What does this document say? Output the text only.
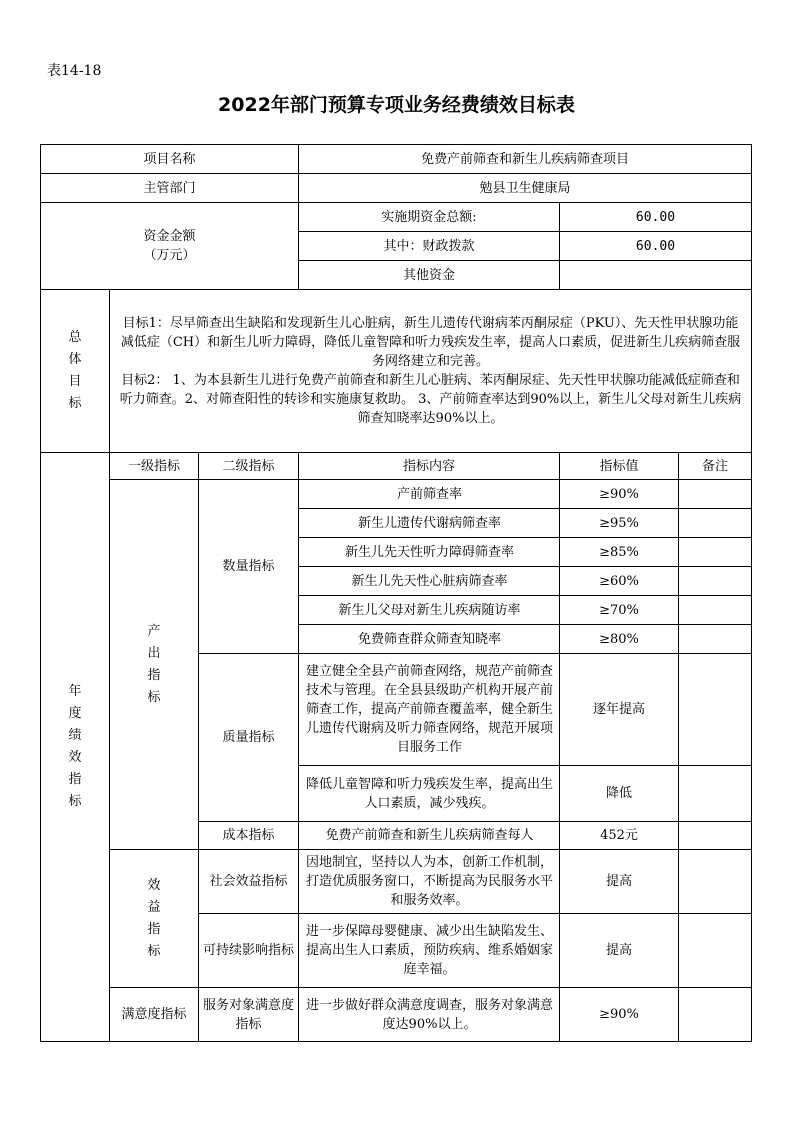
表14-18
2022年部门预算专项业务经费绩效目标表
项目名称			免费产前筛查和新生儿疾病筛查项目		
主管部门			勉县卫生健康局		

资金金额
（万元）			实施期资金总额:	60.00	
			其中：财政拨款	60.00	
			其他资金		

总体目标	目标1：尽早筛查出生缺陷和发现新生儿心脏病，新生儿遗传代谢病苯丙酮尿症（PKU）、先天性甲状腺功能减低症（CH）和新生儿听力障碍，降低儿童智障和听力残疾发生率，提高人口素质，促进新生儿疾病筛查服务网络建立和完善。

目标2： 1、为本县新生儿进行免费产前筛查和新生儿心脏病、苯丙酮尿症、先天性甲状腺功能减低症筛查和听力筛查。2、对筛查阳性的转诊和实施康复救助。 3、产前筛查率达到90%以上，新生儿父母对新生儿疾病筛查知晓率达90%以上。				

年度绩效指标	一级指标	二级指标	指标内容	指标值	备注

	产出指标	数量指标	产前筛查率	≥90%	
			新生儿遗传代谢病筛查率	≥95%	
			新生儿先天性听力障碍筛查率	≥85%	
			新生儿先天性心脏病筛查率	≥60%	
			新生儿父母对新生儿疾病随访率	≥70%	
			免费筛查群众筛查知晓率	≥80%	
		质量指标	建立健全全县产前筛查网络，规范产前筛查技术与管理。在全县县级助产机构开展产前筛查工作，提高产前筛查覆盖率，健全新生儿遗传代谢病及听力筛查网络，规范开展项目服务工作	逐年提高	
			降低儿童智障和听力残疾发生率，提高出生人口素质，减少残疾。	降低	
		成本指标	免费产前筛查和新生儿疾病筛查每人	452元	

	效益指标	社会效益指标	因地制宜，坚持以人为本，创新工作机制，打造优质服务窗口，不断提高为民服务水平和服务效率。	提高	
		可持续影响指标	进一步保障母婴健康、减少出生缺陷发生、提高出生人口素质，预防疾病、维系婚姻家庭幸福。	提高	
	满意度指标	服务对象满意度指标	进一步做好群众满意度调查，服务对象满意度达90%以上。	≥90%	
